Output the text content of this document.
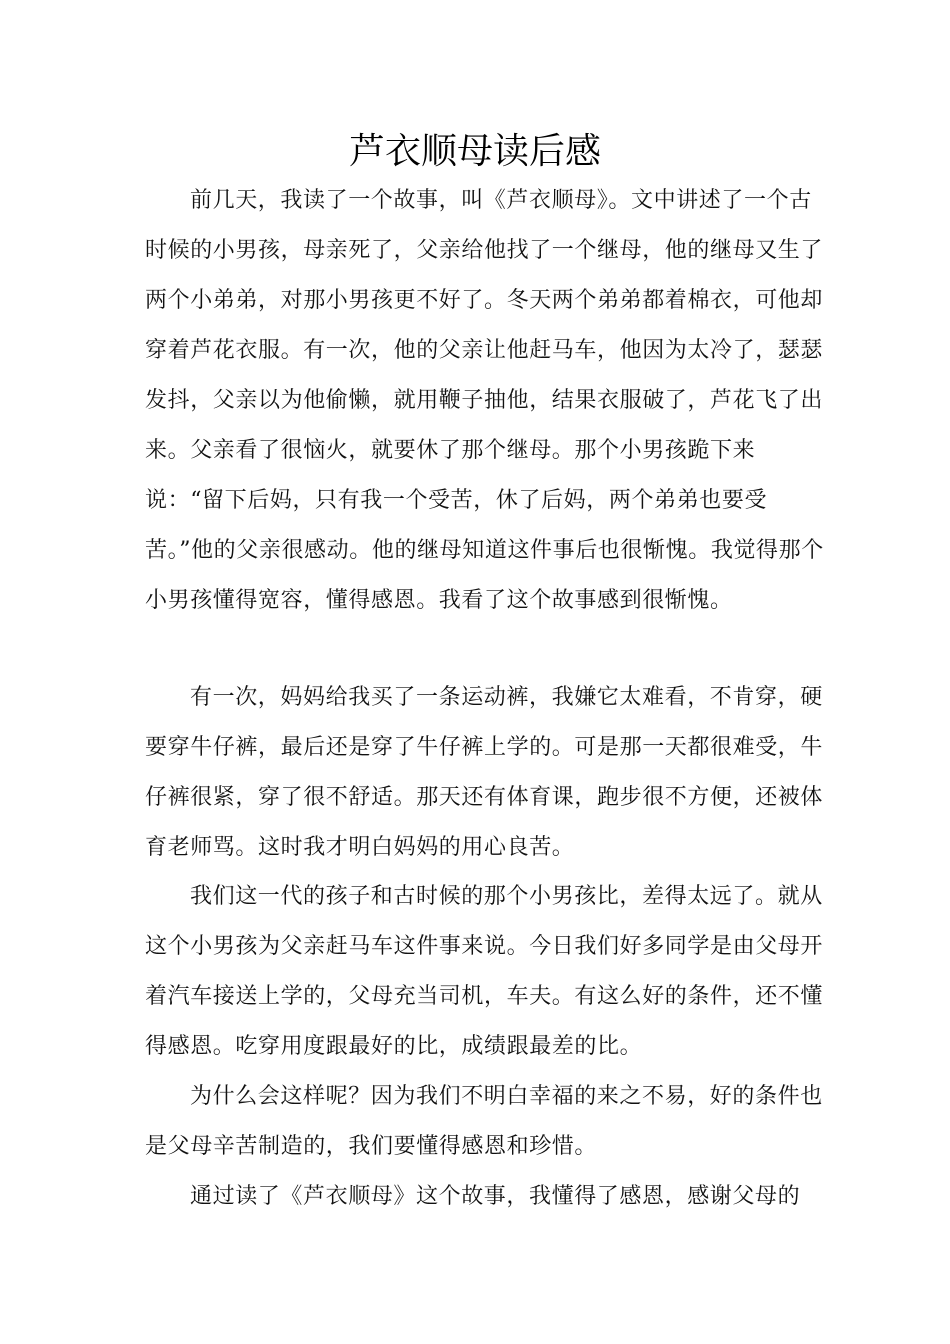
芦衣顺母读后感

前几天，我读了一个故事，叫《芦衣顺母》。文中讲述了一个古时候的小男孩，母亲死了，父亲给他找了一个继母，他的继母又生了两个小弟弟，对那小男孩更不好了。冬天两个弟弟都着棉衣，可他却穿着芦花衣服。有一次，他的父亲让他赶马车，他因为太冷了，瑟瑟发抖，父亲以为他偷懒，就用鞭子抽他，结果衣服破了，芦花飞了出来。父亲看了很恼火，就要休了那个继母。那个小男孩跪下来说：“留下后妈，只有我一个受苦，休了后妈，两个弟弟也要受苦。”他的父亲很感动。他的继母知道这件事后也很惭愧。我觉得那个小男孩懂得宽容，懂得感恩。我看了这个故事感到很惭愧。

有一次，妈妈给我买了一条运动裤，我嫌它太难看，不肯穿，硬要穿牛仔裤，最后还是穿了牛仔裤上学的。可是那一天都很难受，牛仔裤很紧，穿了很不舒适。那天还有体育课，跑步很不方便，还被体育老师骂。这时我才明白妈妈的用心良苦。

我们这一代的孩子和古时候的那个小男孩比，差得太远了。就从这个小男孩为父亲赶马车这件事来说。今日我们好多同学是由父母开着汽车接送上学的，父母充当司机，车夫。有这么好的条件，还不懂得感恩。吃穿用度跟最好的比，成绩跟最差的比。

为什么会这样呢？因为我们不明白幸福的来之不易，好的条件也是父母辛苦制造的，我们要懂得感恩和珍惜。

通过读了《芦衣顺母》这个故事，我懂得了感恩，感谢父母的
